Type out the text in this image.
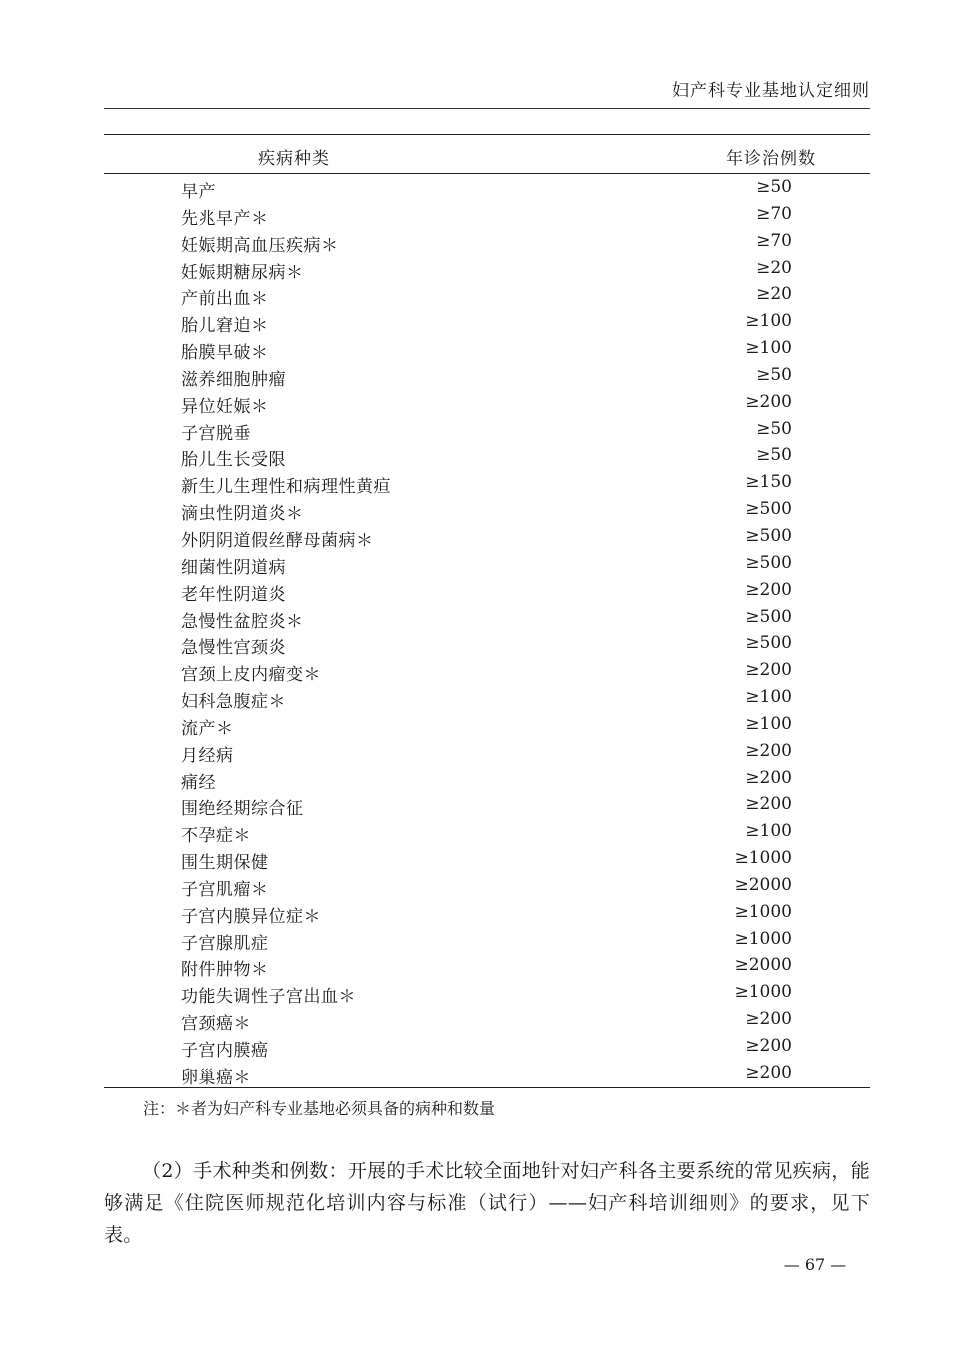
妇产科专业基地认定细则
疾病种类	年诊治例数
早产	≥50
先兆早产＊	≥70
妊娠期高血压疾病＊	≥70
妊娠期糖尿病＊	≥20
产前出血＊	≥20
胎儿窘迫＊	≥100
胎膜早破＊	≥100
滋养细胞肿瘤	≥50
异位妊娠＊	≥200
子宫脱垂	≥50
胎儿生长受限	≥50
新生儿生理性和病理性黄疸	≥150
滴虫性阴道炎＊	≥500
外阴阴道假丝酵母菌病＊	≥500
细菌性阴道病	≥500
老年性阴道炎	≥200
急慢性盆腔炎＊	≥500
急慢性宫颈炎	≥500
宫颈上皮内瘤变＊	≥200
妇科急腹症＊	≥100
流产＊	≥100
月经病	≥200
痛经	≥200
围绝经期综合征	≥200
不孕症＊	≥100
围生期保健	≥1000
子宫肌瘤＊	≥2000
子宫内膜异位症＊	≥1000
子宫腺肌症	≥1000
附件肿物＊	≥2000
功能失调性子宫出血＊	≥1000
宫颈癌＊	≥200
子宫内膜癌	≥200
卵巢癌＊	≥200
注：＊者为妇产科专业基地必须具备的病种和数量
（2）手术种类和例数：开展的手术比较全面地针对妇产科各主要系统的常见疾病，能够满足《住院医师规范化培训内容与标准（试行）——妇产科培训细则》的要求，见下表。
— 67 —
